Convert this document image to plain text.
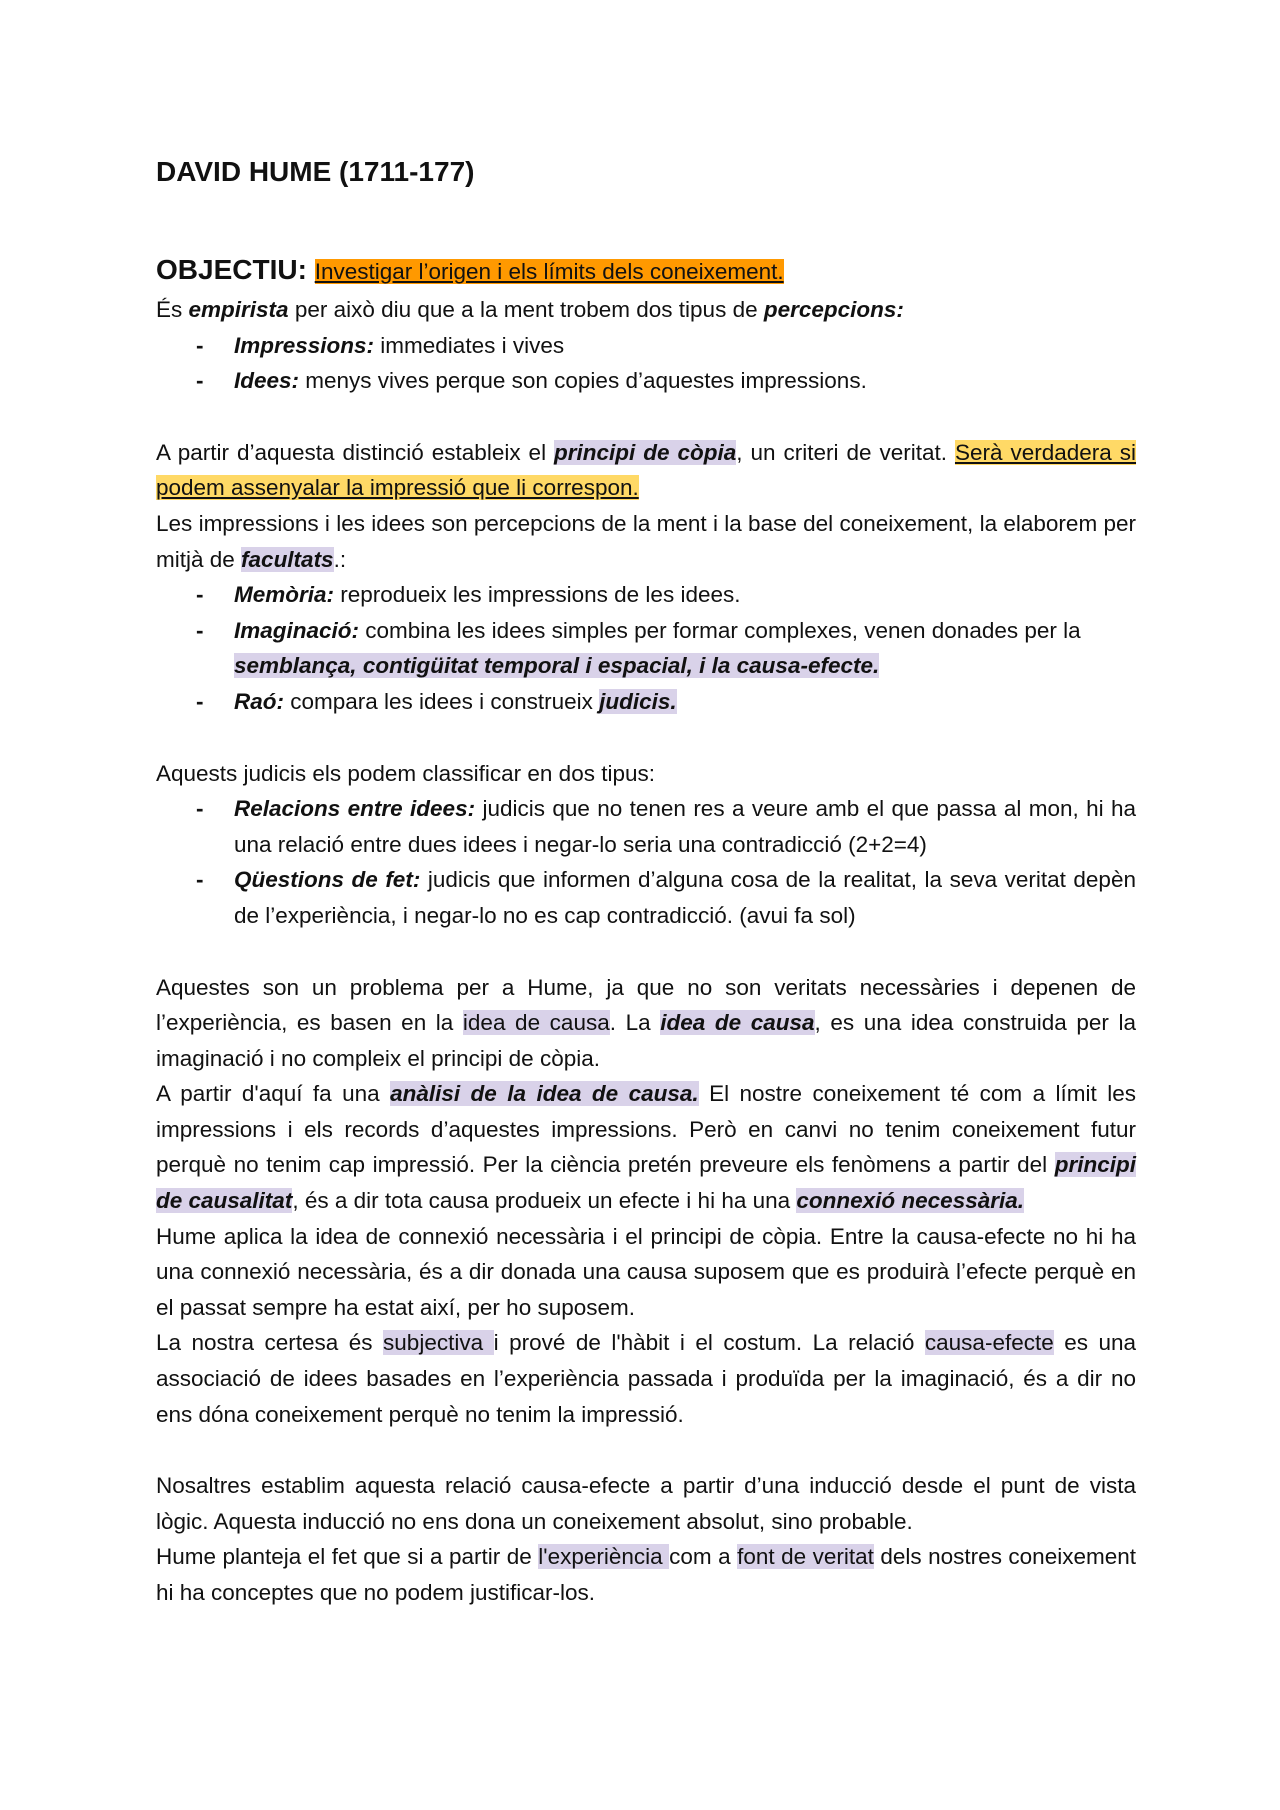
DAVID HUME (1711-177)

OBJECTIU: Investigar l’origen i els límits dels coneixement.

És empirista per això diu que a la ment trobem dos tipus de percepcions:

- Impressions: immediates i vives
- Idees: menys vives perque son copies d’aquestes impressions.

A partir d’aquesta distinció estableix el principi de còpia, un criteri de veritat. Serà verdadera si podem assenyalar la impressió que li correspon.

Les impressions i les idees son percepcions de la ment i la base del coneixement, la elaborem per mitjà de facultats.:

- Memòria: reprodueix les impressions de les idees.
- Imaginació: combina les idees simples per formar complexes, venen donades per la semblança, contigüitat temporal i espacial, i la causa-efecte.
- Raó: compara les idees i construeix judicis.

Aquests judicis els podem classificar en dos tipus:

- Relacions entre idees: judicis que no tenen res a veure amb el que passa al mon, hi ha una relació entre dues idees i negar-lo seria una contradicció (2+2=4)
- Qüestions de fet: judicis que informen d’alguna cosa de la realitat, la seva veritat depèn de l’experiència, i negar-lo no es cap contradicció. (avui fa sol)

Aquestes son un problema per a Hume, ja que no son veritats necessàries i depenen de l’experiència, es basen en la idea de causa. La idea de causa, es una idea construida per la imaginació i no compleix el principi de còpia.

A partir d'aquí fa una anàlisi de la idea de causa. El nostre coneixement té com a límit les impressions i els records d’aquestes impressions. Però en canvi no tenim coneixement futur perquè no tenim cap impressió. Per la ciència pretén preveure els fenòmens a partir del principi de causalitat, és a dir tota causa produeix un efecte i hi ha una connexió necessària.

Hume aplica la idea de connexió necessària i el principi de còpia. Entre la causa-efecte no hi ha una connexió necessària, és a dir donada una causa suposem que es produirà l’efecte perquè en el passat sempre ha estat així, per ho suposem.

La nostra certesa és subjectiva i prové de l'hàbit i el costum. La relació causa-efecte es una associació de idees basades en l’experiència passada i produïda per la imaginació, és a dir no ens dóna coneixement perquè no tenim la impressió.

Nosaltres establim aquesta relació causa-efecte a partir d’una inducció desde el punt de vista lògic. Aquesta inducció no ens dona un coneixement absolut, sino probable.

Hume planteja el fet que si a partir de l'experiència com a font de veritat dels nostres coneixement hi ha conceptes que no podem justificar-los.
